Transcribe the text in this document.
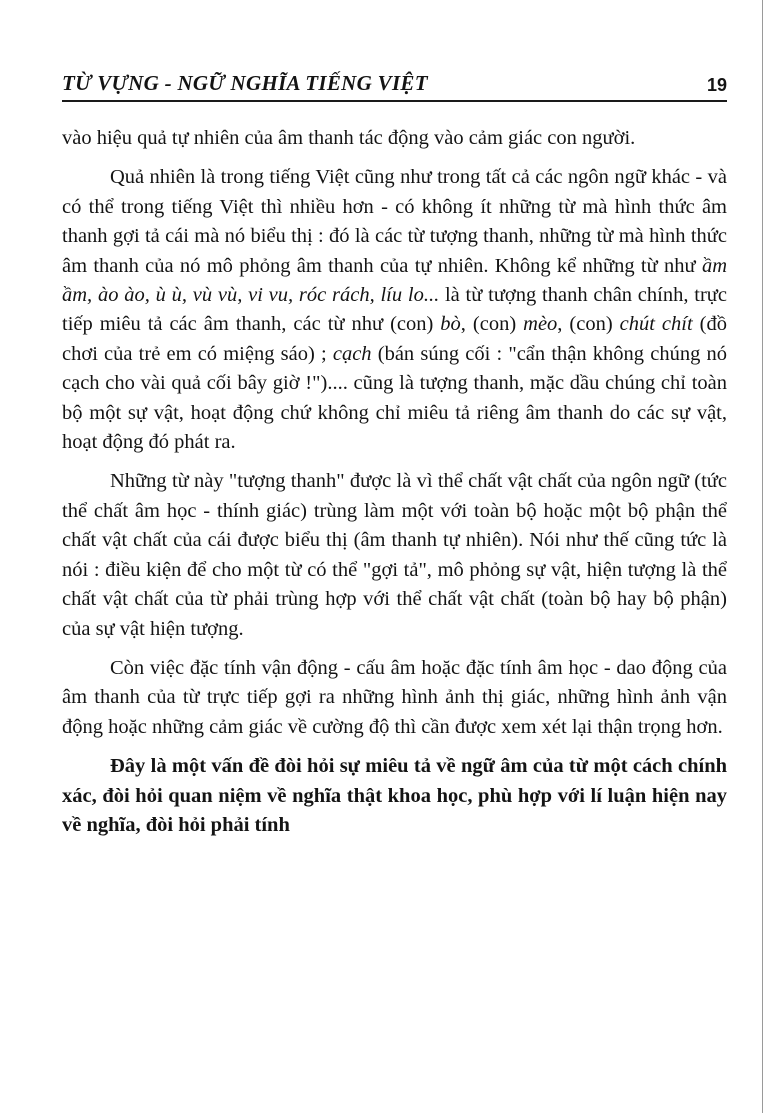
TỪ VỰNG - NGỮ NGHĨA TIẾNG VIỆT	19

vào hiệu quả tự nhiên của âm thanh tác động vào cảm giác con người.

Quả nhiên là trong tiếng Việt cũng như trong tất cả các ngôn ngữ khác - và có thể trong tiếng Việt thì nhiều hơn - có không ít những từ mà hình thức âm thanh gợi tả cái mà nó biểu thị : đó là các từ tượng thanh, những từ mà hình thức âm thanh của nó mô phỏng âm thanh của tự nhiên. Không kể những từ như ầm ầm, ào ào, ù ù, vù vù, vi vu, róc rách, líu lo... là từ tượng thanh chân chính, trực tiếp miêu tả các âm thanh, các từ như (con) bò, (con) mèo, (con) chút chít (đồ chơi của trẻ em có miệng sáo) ; cạch (bán súng cối : "cẩn thận không chúng nó cạch cho vài quả cối bây giờ !").... cũng là tượng thanh, mặc dầu chúng chỉ toàn bộ một sự vật, hoạt động chứ không chỉ miêu tả riêng âm thanh do các sự vật, hoạt động đó phát ra.

Những từ này "tượng thanh" được là vì thể chất vật chất của ngôn ngữ (tức thể chất âm học - thính giác) trùng làm một với toàn bộ hoặc một bộ phận thể chất vật chất của cái được biểu thị (âm thanh tự nhiên). Nói như thế cũng tức là nói : điều kiện để cho một từ có thể "gợi tả", mô phỏng sự vật, hiện tượng là thể chất vật chất của từ phải trùng hợp với thể chất vật chất (toàn bộ hay bộ phận) của sự vật hiện tượng.

Còn việc đặc tính vận động - cấu âm hoặc đặc tính âm học - dao động của âm thanh của từ trực tiếp gợi ra những hình ảnh thị giác, những hình ảnh vận động hoặc những cảm giác về cường độ thì cần được xem xét lại thận trọng hơn.

Đây là một vấn đề đòi hỏi sự miêu tả về ngữ âm của từ một cách chính xác, đòi hỏi quan niệm về nghĩa thật khoa học, phù hợp với lí luận hiện nay về nghĩa, đòi hỏi phải tính
